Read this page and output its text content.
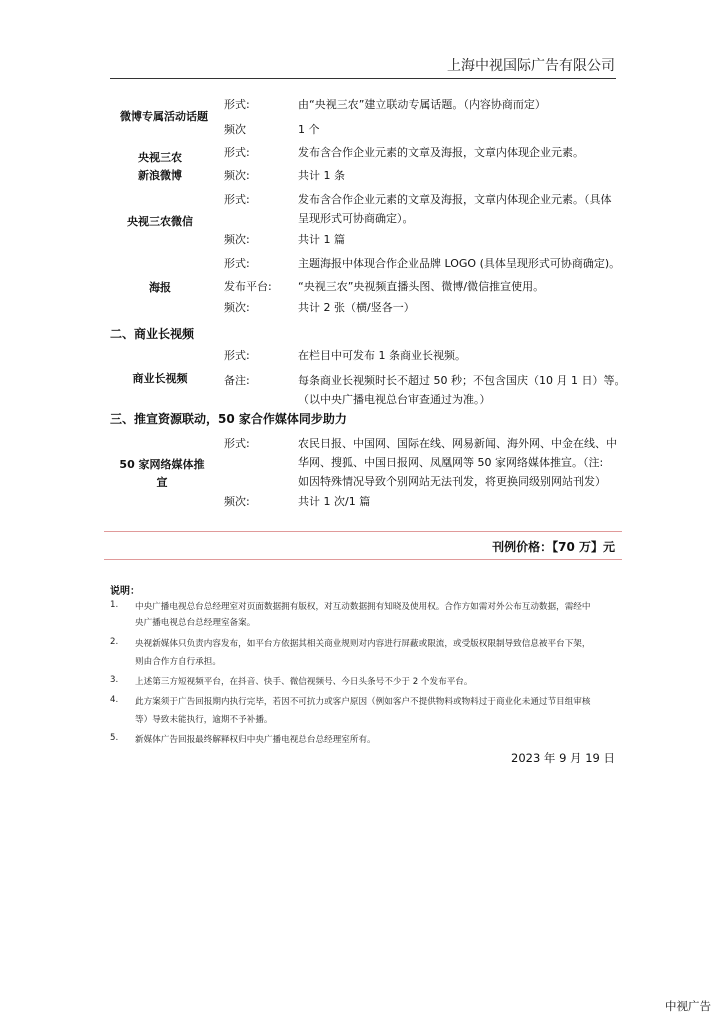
上海中视国际广告有限公司
微博专属活动话题
形式:	由“央视三农”建立联动专属话题。（内容协商而定）
频次	1 个
央视三农
新浪微博
形式:	发布含合作企业元素的文章及海报，文章内体现企业元素。
频次:	共计 1 条
央视三农微信
形式:	发布含合作企业元素的文章及海报，文章内体现企业元素。（具体
呈现形式可协商确定）。
频次:	共计 1 篇
海报
形式:	主题海报中体现合作企业品牌 LOGO (具体呈现形式可协商确定)。
发布平台: “央视三农”央视频直播头图、微博/微信推宣使用。
频次:	共计 2 张（横/竖各一）
二、商业长视频
商业长视频
形式:	在栏目中可发布 1 条商业长视频。
备注:	每条商业长视频时长不超过 50 秒；不包含国庆（10 月 1 日）等。
（以中央广播电视总台审查通过为准。）
三、推宣资源联动，50 家合作媒体同步助力
50 家网络媒体推
宣
形式:	农民日报、中国网、国际在线、网易新闻、海外网、中金在线、中
华网、搜狐、中国日报网、凤凰网等 50 家网络媒体推宣。（注:
如因特殊情况导致个别网站无法刊发，将更换同级别网站刊发）
频次:	共计 1 次/1 篇
刊例价格：【70 万】元
说明：
1. 中央广播电视总台总经理室对页面数据拥有版权，对互动数据拥有知晓及使用权。合作方如需对外公布互动数据，需经中
央广播电视总台总经理室备案。
2. 央视新媒体只负责内容发布，如平台方依据其相关商业规则对内容进行屏蔽或限流，或受版权限制导致信息被平台下架，
则由合作方自行承担。
3. 上述第三方短视频平台，在抖音、快手、微信视频号、今日头条号不少于 2 个发布平台。
4. 此方案须于广告回报期内执行完毕，若因不可抗力或客户原因（例如客户不提供物料或物料过于商业化未通过节目组审核
等）导致未能执行，逾期不予补播。
5. 新媒体广告回报最终解释权归中央广播电视总台总经理室所有。
2023 年 9 月 19 日
中视广告
